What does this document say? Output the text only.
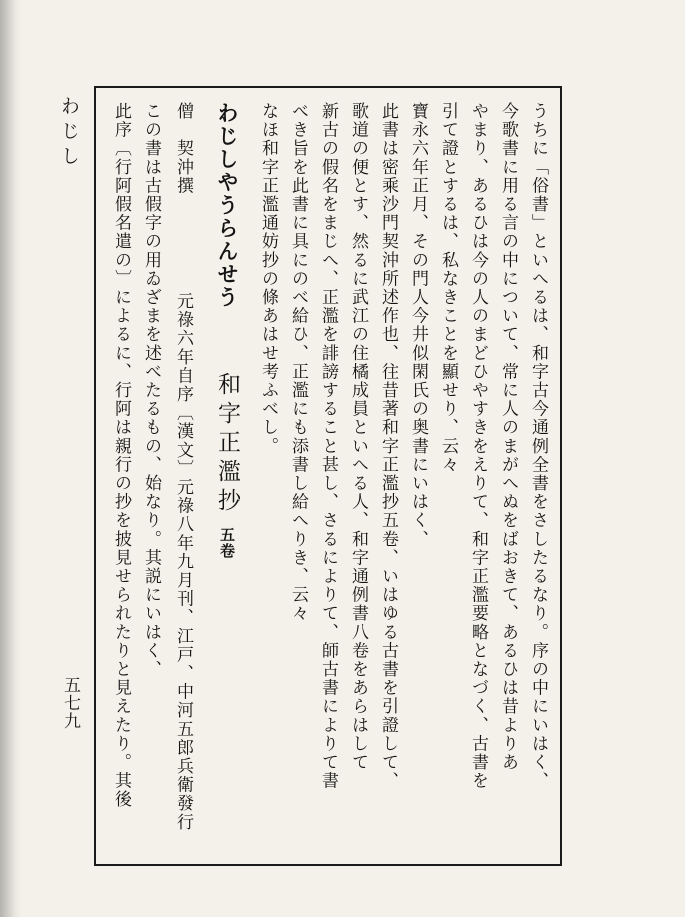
わじし
五七九	うちに「俗書」といへるは、和字古今通例全書をさしたるなり。序の中にいはく、
今歌書に用る言の中について、常に人のまがへぬをばおきて、あるひは昔よりあ
やまり、あるひは今の人のまどひやすきをえりて、和字正濫要略となづく、古書を
引て證とするは、私なきことを顯せり、云々
寶永六年正月、その門人今井似閑氏の奥書にいはく、
此書は密乘沙門契沖所述作也、往昔著和字正濫抄五卷、いはゆる古書を引證して、
歌道の便とす、然るに武江の住橘成員といへる人、和字通例書八卷をあらはして
新古の假名をまじへ、正濫を誹謗すること甚し、さるによりて、師古書によりて書
べき旨を此書に具にのべ給ひ、正濫にも添書し給へりき、云々
なほ和字正濫通妨抄の條あはせ考ふべし。
わじしやうらんせう
和字正濫抄五卷
僧　契沖撰
元祿六年自序〔漢文〕元祿八年九月刊、江戸、中河五郎兵衛發行
この書は古假字の用ゐざまを述べたるもの、始なり。其説にいはく、
此序〔行阿假名遣の〕によるに、行阿は親行の抄を披見せられたりと見えたり。其後
